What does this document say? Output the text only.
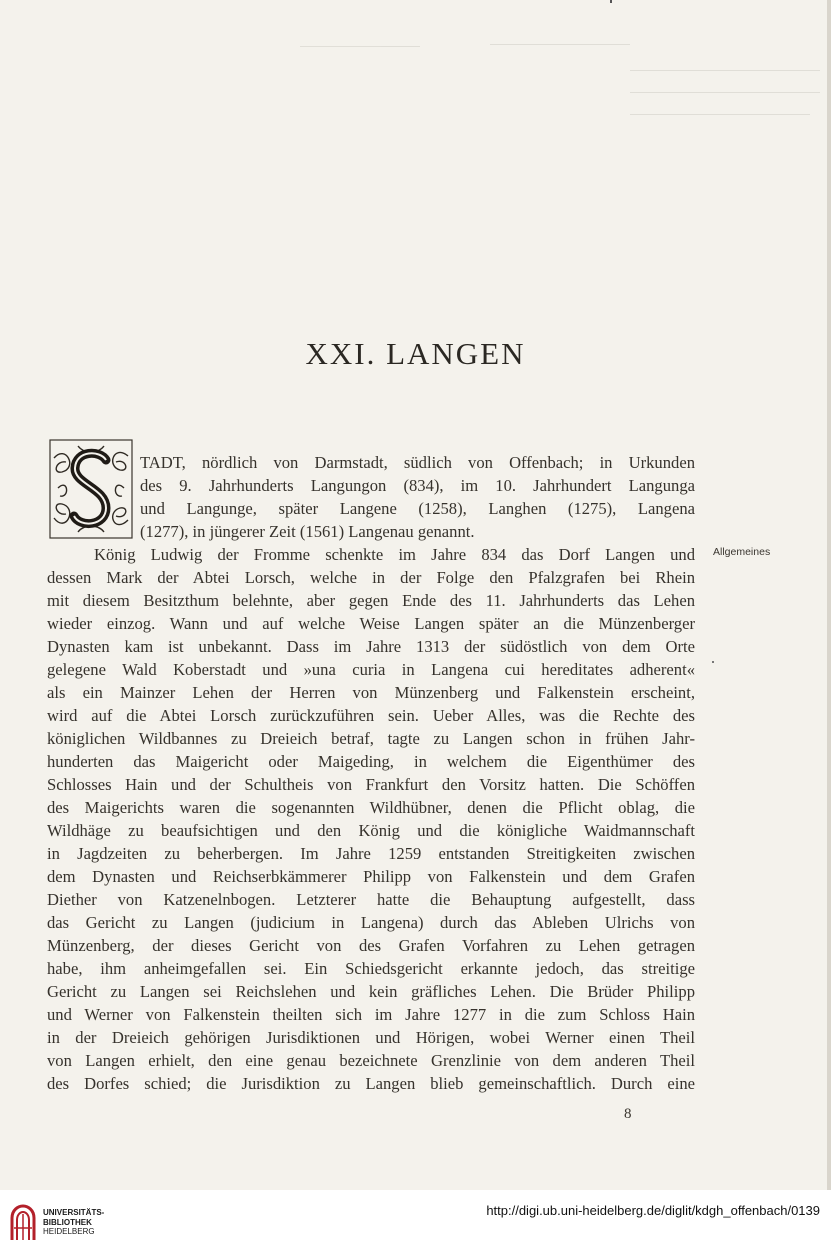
XXI. LANGEN
TADT, nördlich von Darmstadt, südlich von Offenbach; in Urkunden
des 9. Jahrhunderts Langungon (834), im 10. Jahrhundert Langunga
und Langunge, später Langene (1258), Langhen (1275), Langena
(1277), in jüngerer Zeit (1561) Langenau genannt.
König Ludwig der Fromme schenkte im Jahre 834 das Dorf Langen und
dessen Mark der Abtei Lorsch, welche in der Folge den Pfalzgrafen bei Rhein
mit diesem Besitzthum belehnte, aber gegen Ende des 11. Jahrhunderts das Lehen
wieder einzog. Wann und auf welche Weise Langen später an die Münzenberger
Dynasten kam ist unbekannt. Dass im Jahre 1313 der südöstlich von dem Orte
gelegene Wald Koberstadt und »una curia in Langena cui hereditates adherent«
als ein Mainzer Lehen der Herren von Münzenberg und Falkenstein erscheint,
wird auf die Abtei Lorsch zurückzuführen sein. Ueber Alles, was die Rechte des
königlichen Wildbannes zu Dreieich betraf, tagte zu Langen schon in frühen Jahr-
hunderten das Maigericht oder Maigeding, in welchem die Eigenthümer des
Schlosses Hain und der Schultheis von Frankfurt den Vorsitz hatten. Die Schöffen
des Maigerichts waren die sogenannten Wildhübner, denen die Pflicht oblag, die
Wildhäge zu beaufsichtigen und den König und die königliche Waidmannschaft
in Jagdzeiten zu beherbergen. Im Jahre 1259 entstanden Streitigkeiten zwischen
dem Dynasten und Reichserbkämmerer Philipp von Falkenstein und dem Grafen
Diether von Katzenelnbogen. Letzterer hatte die Behauptung aufgestellt, dass
das Gericht zu Langen (judicium in Langena) durch das Ableben Ulrichs von
Münzenberg, der dieses Gericht von des Grafen Vorfahren zu Lehen getragen
habe, ihm anheimgefallen sei. Ein Schiedsgericht erkannte jedoch, das streitige
Gericht zu Langen sei Reichslehen und kein gräfliches Lehen. Die Brüder Philipp
und Werner von Falkenstein theilten sich im Jahre 1277 in die zum Schloss Hain
in der Dreieich gehörigen Jurisdiktionen und Hörigen, wobei Werner einen Theil
von Langen erhielt, den eine genau bezeichnete Grenzlinie von dem anderen Theil
des Dorfes schied; die Jurisdiktion zu Langen blieb gemeinschaftlich. Durch eine
Allgemeines
8
UNIVERSITÄTS-
BIBLIOTHEK
HEIDELBERG
http://digi.ub.uni-heidelberg.de/diglit/kdgh_offenbach/0139
